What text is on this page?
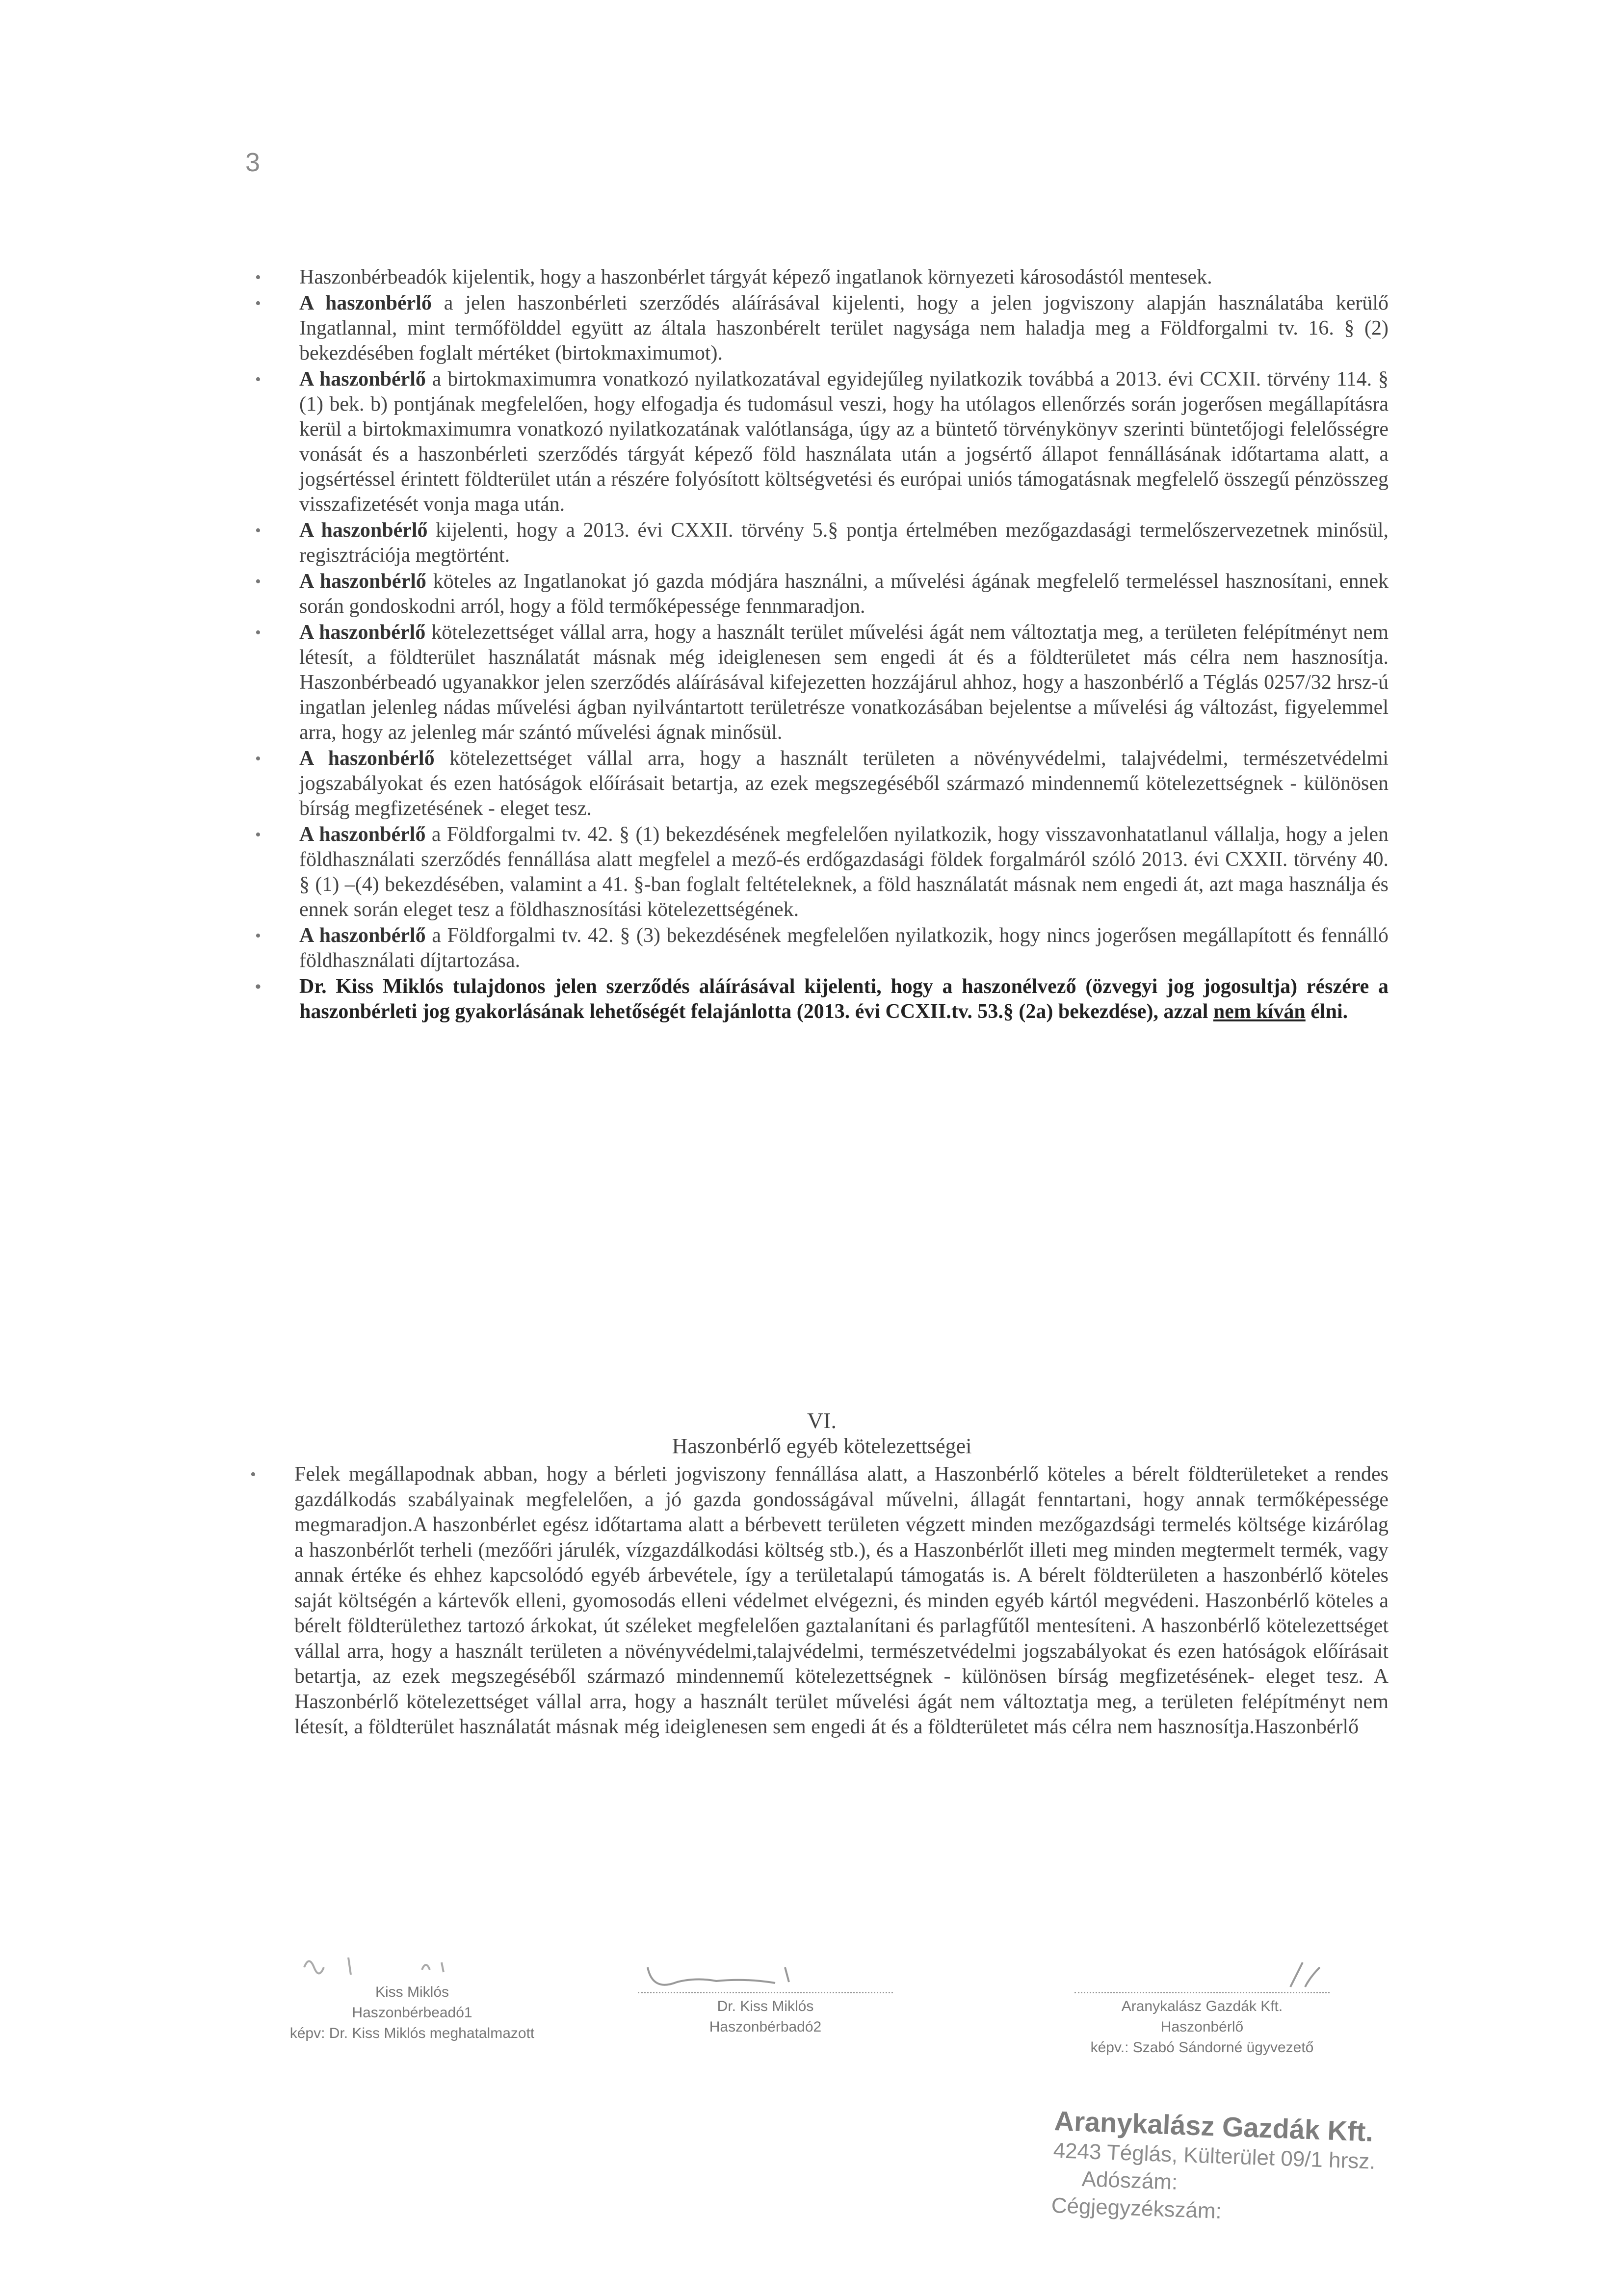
3
• Haszonbérbeadók kijelentik, hogy a haszonbérlet tárgyát képező ingatlanok környezeti károsodástól mentesek.
• A haszonbérlő a jelen haszonbérleti szerződés aláírásával kijelenti, hogy a jelen jogviszony alapján használatába kerülő Ingatlannal, mint termőfölddel együtt az általa haszonbérelt terület nagysága nem haladja meg a Földforgalmi tv. 16. § (2) bekezdésében foglalt mértéket (birtokmaximumot).
• A haszonbérlő a birtokmaximumra vonatkozó nyilatkozatával egyidejűleg nyilatkozik továbbá a 2013. évi CCXII. törvény 114. § (1) bek. b) pontjának megfelelően, hogy elfogadja és tudomásul veszi, hogy ha utólagos ellenőrzés során jogerősen megállapításra kerül a birtokmaximumra vonatkozó nyilatkozatának valótlansága, úgy az a büntető törvénykönyv szerinti büntetőjogi felelősségre vonását és a haszonbérleti szerződés tárgyát képező föld használata után a jogsértő állapot fennállásának időtartama alatt, a jogsértéssel érintett földterület után a részére folyósított költségvetési és európai uniós támogatásnak megfelelő összegű pénzösszeg visszafizetését vonja maga után.
• A haszonbérlő kijelenti, hogy a 2013. évi CXXII. törvény 5.§ pontja értelmében mezőgazdasági termelőszervezetnek minősül, regisztrációja megtörtént.
• A haszonbérlő köteles az Ingatlanokat jó gazda módjára használni, a művelési ágának megfelelő termeléssel hasznosítani, ennek során gondoskodni arról, hogy a föld termőképessége fennmaradjon.
• A haszonbérlő kötelezettséget vállal arra, hogy a használt terület művelési ágát nem változtatja meg, a területen felépítményt nem létesít, a földterület használatát másnak még ideiglenesen sem engedi át és a földterületet más célra nem hasznosítja. Haszonbérbeadó ugyanakkor jelen szerződés aláírásával kifejezetten hozzájárul ahhoz, hogy a haszonbérlő a Téglás 0257/32 hrsz-ú ingatlan jelenleg nádas művelési ágban nyilvántartott területrésze vonatkozásában bejelentse a művelési ág változást, figyelemmel arra, hogy az jelenleg már szántó művelési ágnak minősül.
• A haszonbérlő kötelezettséget vállal arra, hogy a használt területen a növényvédelmi, talajvédelmi, természetvédelmi jogszabályokat és ezen hatóságok előírásait betartja, az ezek megszegéséből származó mindennemű kötelezettségnek - különösen bírság megfizetésének - eleget tesz.
• A haszonbérlő a Földforgalmi tv. 42. § (1) bekezdésének megfelelően nyilatkozik, hogy visszavonhatatlanul vállalja, hogy a jelen földhasználati szerződés fennállása alatt megfelel a mező-és erdőgazdasági földek forgalmáról szóló 2013. évi CXXII. törvény 40. § (1) –(4) bekezdésében, valamint a 41. §-ban foglalt feltételeknek, a föld használatát másnak nem engedi át, azt maga használja és ennek során eleget tesz a földhasznosítási kötelezettségének.
• A haszonbérlő a Földforgalmi tv. 42. § (3) bekezdésének megfelelően nyilatkozik, hogy nincs jogerősen megállapított és fennálló földhasználati díjtartozása.
• Dr. Kiss Miklós tulajdonos jelen szerződés aláírásával kijelenti, hogy a haszonélvező (özvegyi jog jogosultja) részére a haszonbérleti jog gyakorlásának lehetőségét felajánlotta (2013. évi CCXII.tv. 53.§ (2a) bekezdése), azzal nem kíván élni.
VI.
Haszonbérlő egyéb kötelezettségei

• Felek megállapodnak abban, hogy a bérleti jogviszony fennállása alatt, a Haszonbérlő köteles a bérelt földterületeket a rendes gazdálkodás szabályainak megfelelően, a jó gazda gondosságával művelni, állagát fenntartani, hogy annak termőképessége megmaradjon.A haszonbérlet egész időtartama alatt a bérbevett területen végzett minden mezőgazdsági termelés költsége kizárólag a haszonbérlőt terheli (mezőőri járulék, vízgazdálkodási költség stb.), és a Haszonbérlőt illeti meg minden megtermelt termék, vagy annak értéke és ehhez kapcsolódó egyéb árbevétele, így a területalapú támogatás is. A bérelt földterületen a haszonbérlő köteles saját költségén a kártevők elleni, gyomosodás elleni védelmet elvégezni, és minden egyéb kártól megvédeni. Haszonbérlő köteles a bérelt földterülethez tartozó árkokat, út széleket megfelelően gaztalanítani és parlagfűtől mentesíteni. A haszonbérlő kötelezettséget vállal arra, hogy a használt területen a növényvédelmi,talajvédelmi, természetvédelmi jogszabályokat és ezen hatóságok előírásait betartja, az ezek megszegéséből származó mindennemű kötelezettségnek - különösen bírság megfizetésének- eleget tesz. A Haszonbérlő kötelezettséget vállal arra, hogy a használt terület művelési ágát nem változtatja meg, a területen felépítményt nem létesít, a földterület használatát másnak még ideiglenesen sem engedi át és a földterületet más célra nem hasznosítja.Haszonbérlő

Kiss Miklós
Haszonbérbeadó1
képv: Dr. Kiss Miklós meghatalmazott
Dr. Kiss Miklós
Haszonbérbadó2
Aranykalász Gazdák Kft.
Haszonbérlő
képv.: Szabó Sándorné ügyvezető
Aranykalász Gazdák Kft.
4243 Téglás, Külterület 09/1 hrsz.
Adószám:
Cégjegyzékszám:
